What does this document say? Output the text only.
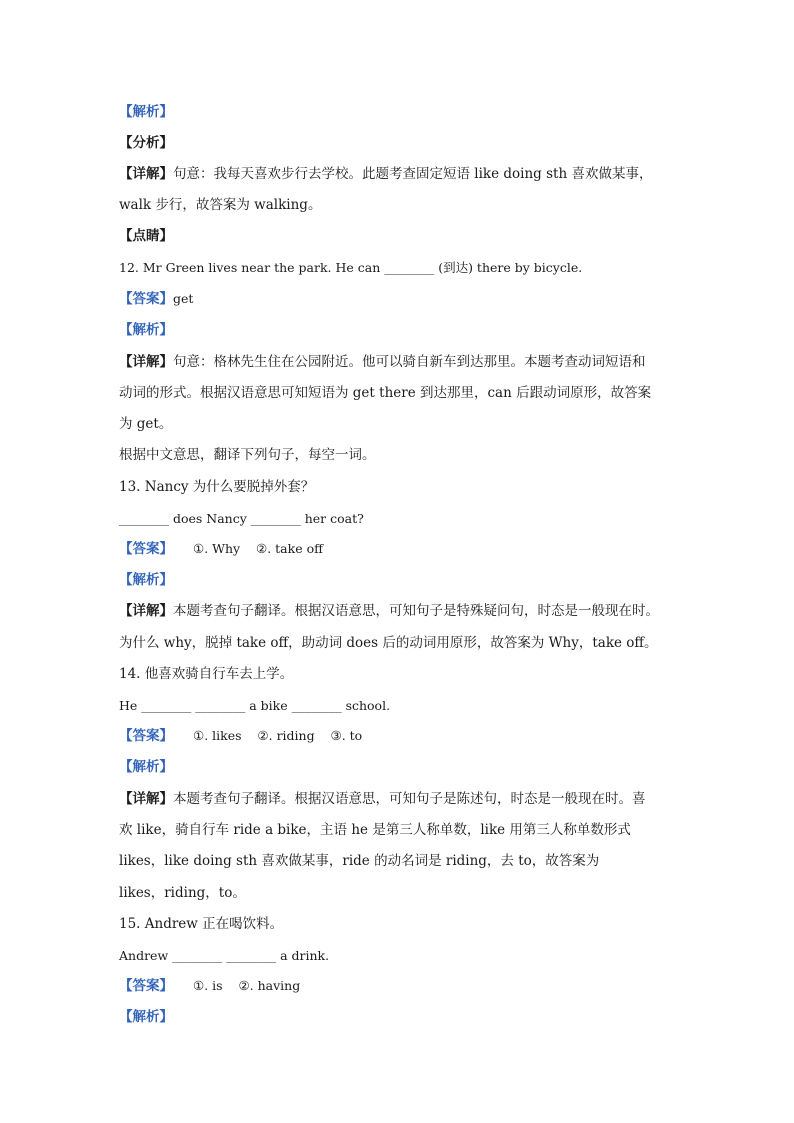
【解析】
【分析】
【详解】句意：我每天喜欢步行去学校。此题考查固定短语 like doing sth 喜欢做某事，
walk 步行，故答案为 walking。
【点睛】
12. Mr Green lives near the park. He can ________ (到达) there by bicycle.
【答案】get
【解析】
【详解】句意：格林先生住在公园附近。他可以骑自新车到达那里。本题考查动词短语和
动词的形式。根据汉语意思可知短语为 get there 到达那里，can 后跟动词原形，故答案
为 get。
根据中文意思，翻译下列句子，每空一词。
13. Nancy 为什么要脱掉外套？
________ does Nancy ________ her coat?
【答案】 ①. Why    ②. take off
【解析】
【详解】本题考查句子翻译。根据汉语意思，可知句子是特殊疑问句，时态是一般现在时。
为什么 why，脱掉 take off，助动词 does 后的动词用原形，故答案为 Why，take off。
14. 他喜欢骑自行车去上学。
He ________ ________ a bike ________ school.
【答案】 ①. likes    ②. riding    ③. to
【解析】
【详解】本题考查句子翻译。根据汉语意思，可知句子是陈述句，时态是一般现在时。喜
欢 like，骑自行车 ride a bike，主语 he 是第三人称单数，like 用第三人称单数形式
likes，like doing sth 喜欢做某事，ride 的动名词是 riding，去 to，故答案为
likes，riding，to。
15. Andrew 正在喝饮料。
Andrew ________ ________ a drink.
【答案】 ①. is    ②. having
【解析】
